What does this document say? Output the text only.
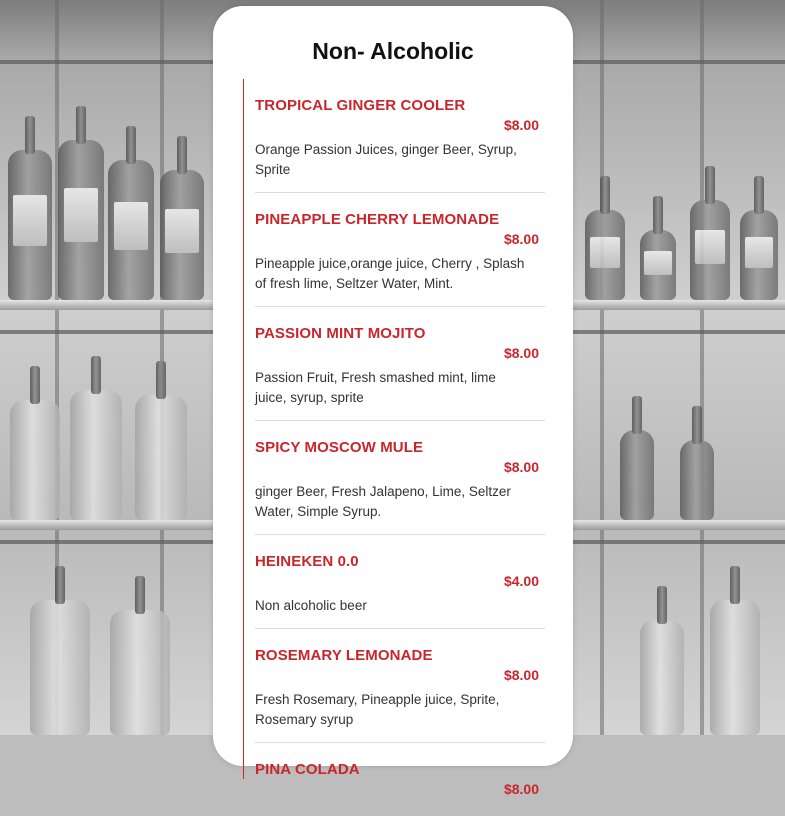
Non- Alcoholic
TROPICAL GINGER COOLER
$8.00
Orange Passion Juices, ginger Beer, Syrup, Sprite
PINEAPPLE CHERRY LEMONADE
$8.00
Pineapple juice,orange juice, Cherry , Splash of fresh lime, Seltzer Water, Mint.
PASSION MINT MOJITO
$8.00
Passion Fruit, Fresh smashed mint, lime juice, syrup, sprite
SPICY MOSCOW MULE
$8.00
ginger Beer, Fresh Jalapeno, Lime, Seltzer Water, Simple Syrup.
HEINEKEN 0.0
$4.00
Non alcoholic beer
ROSEMARY LEMONADE
$8.00
Fresh Rosemary, Pineapple juice, Sprite, Rosemary syrup
PINA COLADA
$8.00
